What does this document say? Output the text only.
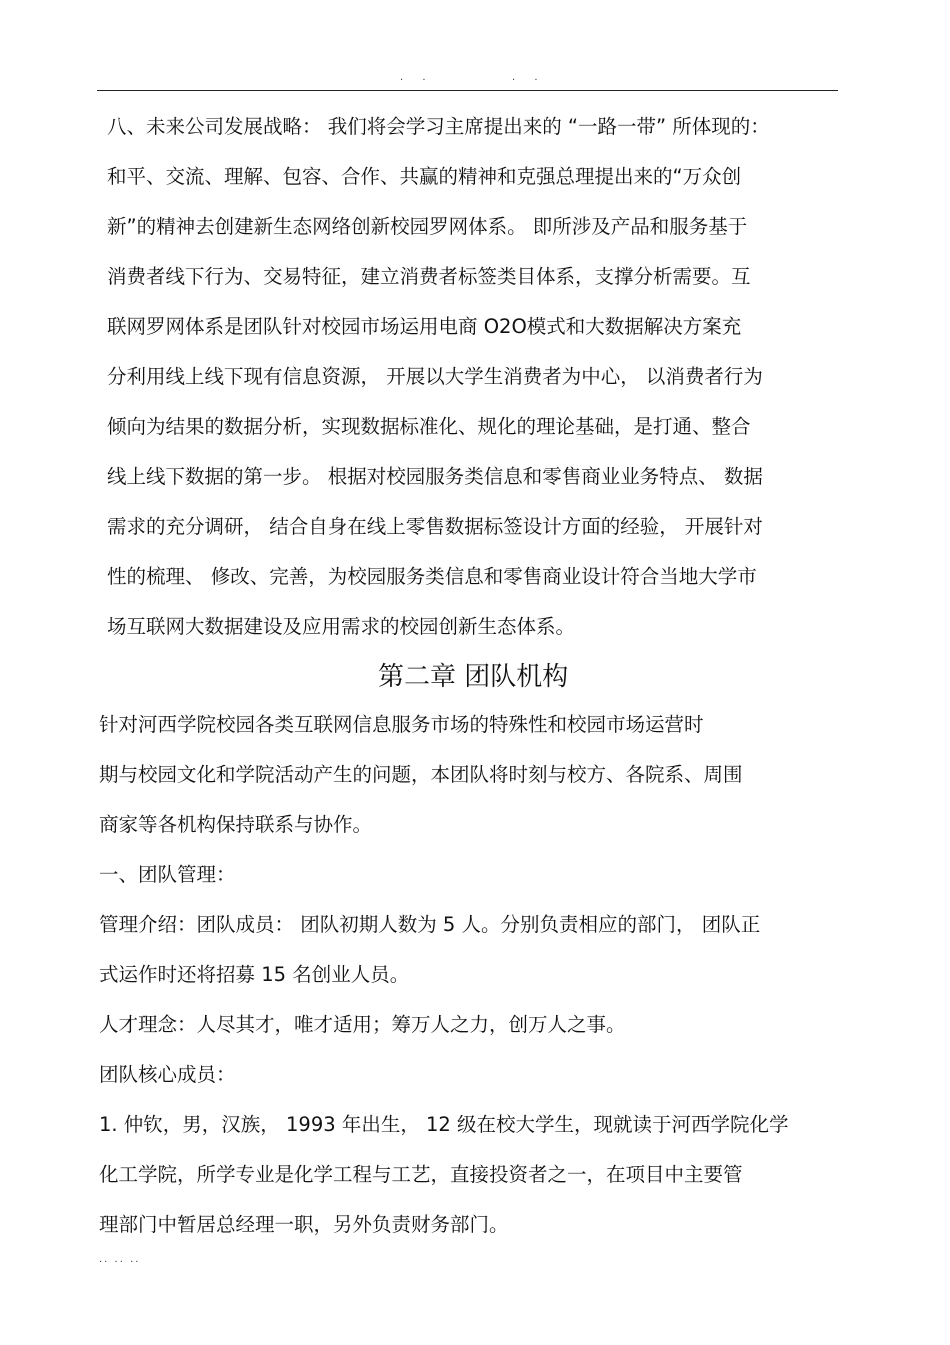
. .	. .
八、未来公司发展战略： 我们将会学习主席提出来的 “一路一带” 所体现的：
和平、交流、理解、包容、合作、共赢的精神和克强总理提出来的“万众创
新”的精神去创建新生态网络创新校园罗网体系。 即所涉及产品和服务基于
消费者线下行为、交易特征，建立消费者标签类目体系，支撑分析需要。互
联网罗网体系是团队针对校园市场运用电商 O2O模式和大数据解决方案充
分利用线上线下现有信息资源， 开展以大学生消费者为中心， 以消费者行为
倾向为结果的数据分析，实现数据标准化、规化的理论基础，是打通、整合
线上线下数据的第一步。 根据对校园服务类信息和零售商业业务特点、 数据
需求的充分调研， 结合自身在线上零售数据标签设计方面的经验， 开展针对
性的梳理、 修改、完善，为校园服务类信息和零售商业设计符合当地大学市
场互联网大数据建设及应用需求的校园创新生态体系。
第二章 团队机构
针对河西学院校园各类互联网信息服务市场的特殊性和校园市场运营时
期与校园文化和学院活动产生的问题，本团队将时刻与校方、各院系、周围
商家等各机构保持联系与协作。
一、团队管理：
管理介绍：团队成员： 团队初期人数为 5 人。分别负责相应的部门， 团队正
式运作时还将招募 15 名创业人员。
人才理念：人尽其才，唯才适用；筹万人之力，创万人之事。
团队核心成员：
1. 仲钦，男，汉族， 1993 年出生， 12 级在校大学生，现就读于河西学院化学
化工学院，所学专业是化学工程与工艺，直接投资者之一，在项目中主要管
理部门中暂居总经理一职，另外负责财务部门。
.. .. ..
